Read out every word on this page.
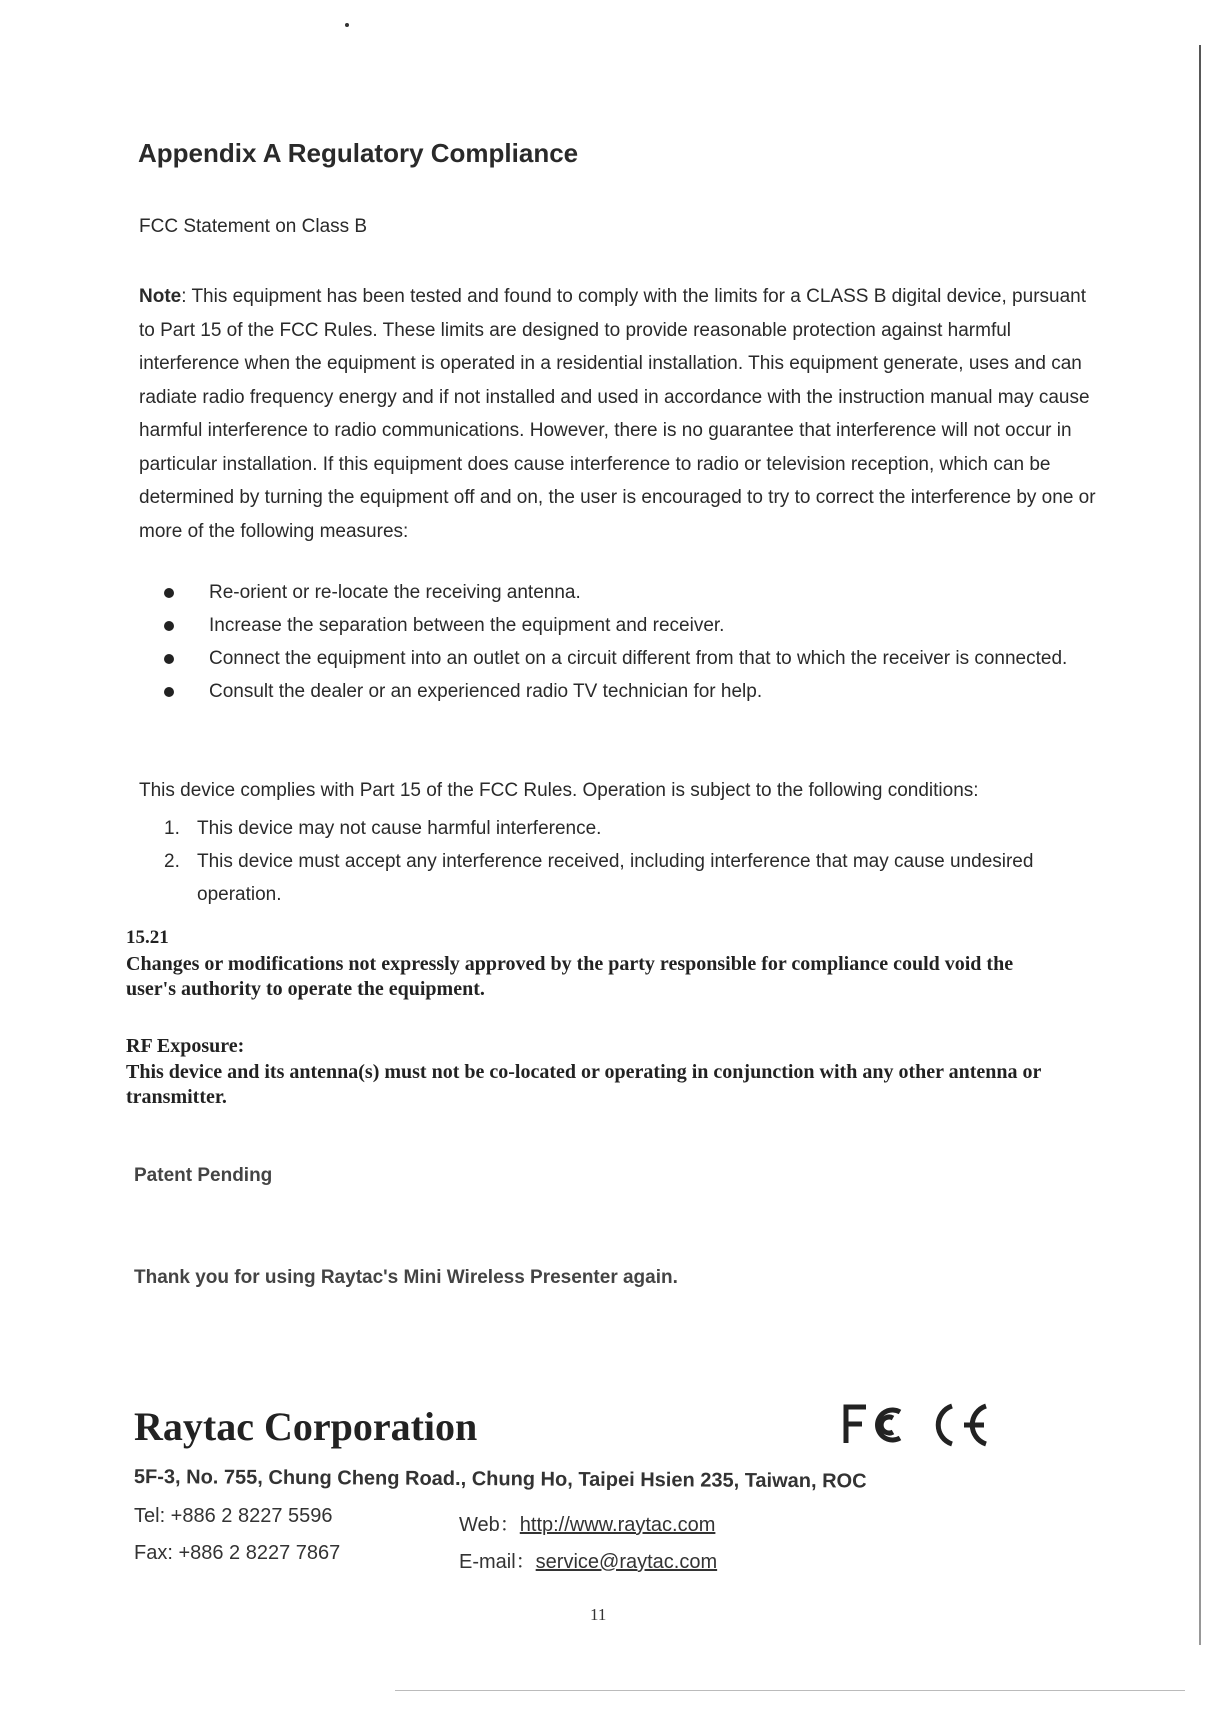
Appendix A Regulatory Compliance
FCC Statement on Class B

Note: This equipment has been tested and found to comply with the limits for a CLASS B digital device, pursuant to Part 15 of the FCC Rules. These limits are designed to provide reasonable protection against harmful interference when the equipment is operated in a residential installation. This equipment generate, uses and can radiate radio frequency energy and if not installed and used in accordance with the instruction manual may cause harmful interference to radio communications. However, there is no guarantee that interference will not occur in particular installation. If this equipment does cause interference to radio or television reception, which can be determined by turning the equipment off and on, the user is encouraged to try to correct the interference by one or more of the following measures:

Re-orient or re-locate the receiving antenna.
Increase the separation between the equipment and receiver.
Connect the equipment into an outlet on a circuit different from that to which the receiver is connected.
Consult the dealer or an experienced radio TV technician for help.
This device complies with Part 15 of the FCC Rules. Operation is subject to the following conditions:
1. This device may not cause harmful interference.
2. This device must accept any interference received, including interference that may cause undesired operation.
15.21
Changes or modifications not expressly approved by the party responsible for compliance could void the user's authority to operate the equipment.
RF Exposure:
This device and its antenna(s) must not be co-located or operating in conjunction with any other antenna or transmitter.
Patent Pending
Thank you for using Raytac's Mini Wireless Presenter again.
Raytac Corporation
5F-3, No. 755, Chung Cheng Road., Chung Ho, Taipei Hsien 235, Taiwan, ROC
Tel: +886 2 8227 5596
Fax: +886 2 8227 7867
Web：http://www.raytac.com
E-mail：service@raytac.com
11
